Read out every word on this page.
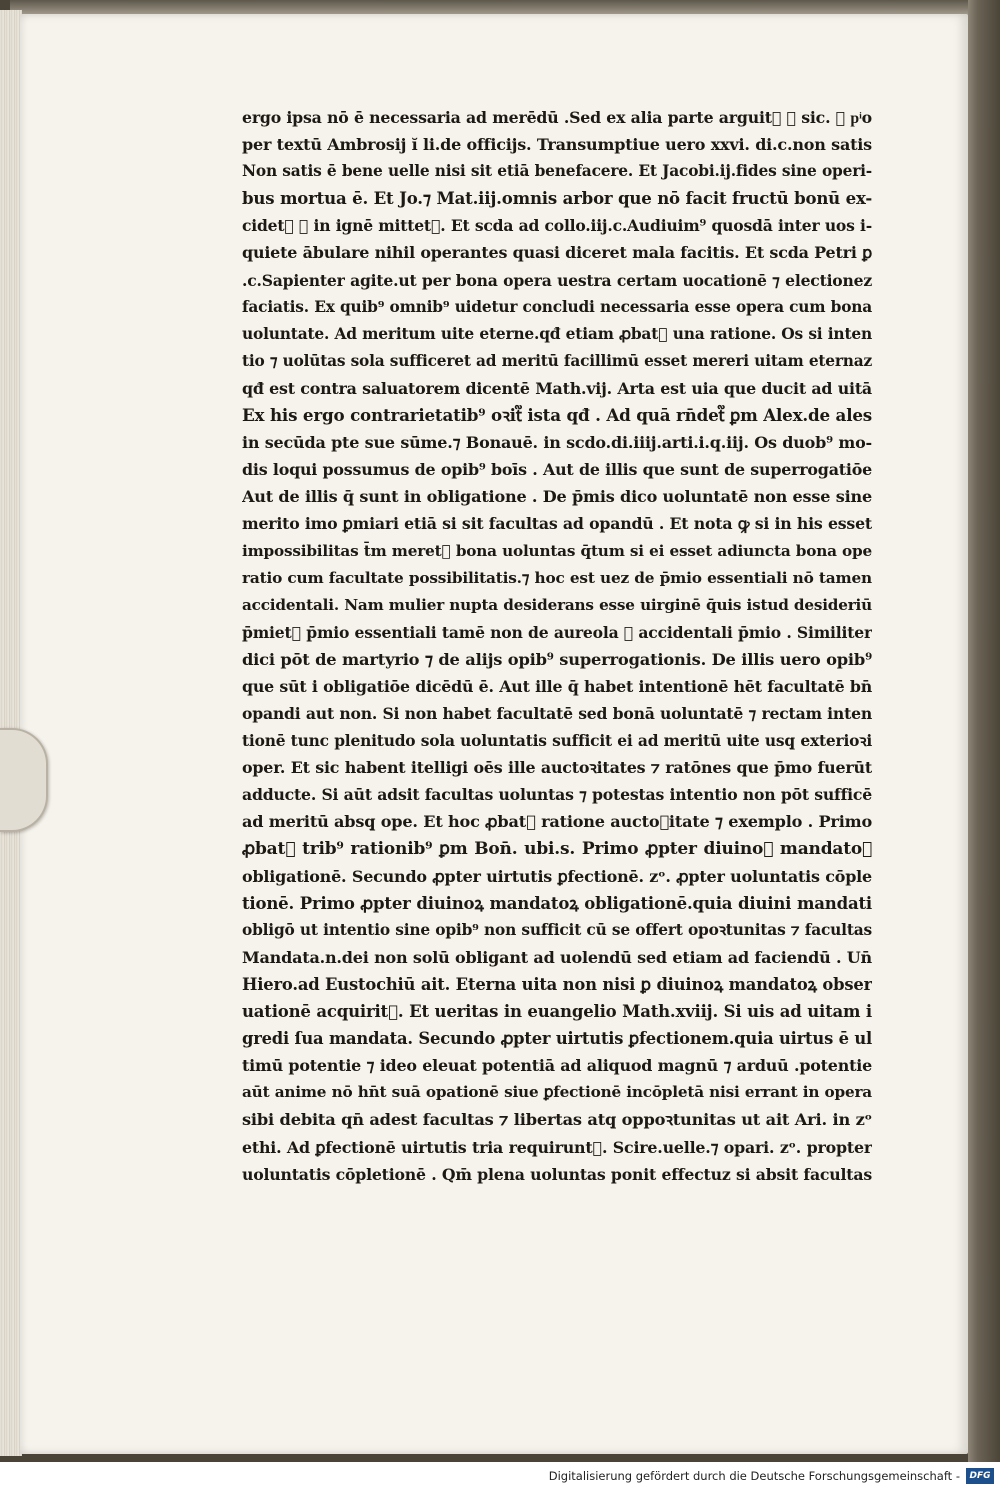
ergo ipsa nō ē necessaria ad merēdū .Sed ex alia parte arguit᷑ ꝙ sic. ⁊ pͥo
per textū Ambrosij ĭ li.de officijs. Transumptiue uero xxvi. di.c.non satis
Non satis ē bene uelle nisi sit etiā benefacere. Et Jacobi.ij.fides sine operi-
bus mortua ē. Et Jo.⁊ Mat.iij.omnis arbor que nō facit fructū bonū ex-
cidet᷑ ⁊ in ignē mittet᷑. Et scda ad collo.iij.c.Audiuim⁹ quosdā inter uos i-
quiete ābulare nihil operantes quasi diceret mala facitis. Et scda Petri ꝑ
.c.Sapienter agite.ut per bona opera uestra certam uocationē ⁊ electionez
faciatis. Ex quib⁹ omnib⁹ uidetur concludi necessaria esse opera cum bona
uoluntate. Ad meritum uite eterne.qđ etiam ꝓbat᷑ una ratione. Os si inten
tio ⁊ uolūtas sola sufficeret ad meritū facillimū esset mereri uitam eternaz
qđ est contra saluatorem dicentē Math.vij. Arta est uia que ducit ad uitā
Ex his ergo contrarietatib⁹ oꝛit᷑ ista qđ . Ad quā rn̄det᷑ ꝑm Alex.de ales
in secūda pte sue sūme.⁊ Bonauē. in scdo.di.iiij.arti.i.q.iij. Os duob⁹ mo-
dis loqui possumus de opib⁹ boīs . Aut de illis que sunt de superrogatiōe
Aut de illis q̄ sunt in obligatione . De p̄mis dico uoluntatē non esse sine
merito imo ꝑmiari etiā si sit facultas ad opandū . Et nota ꝙ si in his esset
impossibilitas t̄m meret᷑ bona uoluntas q̄tum si ei esset adiuncta bona ope
ratio cum facultate possibilitatis.⁊ hoc est uez de p̄mio essentiali nō tamen
accidentali. Nam mulier nupta desiderans esse uirginē q̄uis istud desideriū
p̄miet᷑ p̄mio essentiali tamē non de aureola ⁊ accidentali p̄mio . Similiter
dici pōt de martyrio ⁊ de alijs opib⁹ superrogationis. De illis uero opib⁹
que sūt i obligatiōe dicēdū ē. Aut ille q̄ habet intentionē hēt facultatē bn̄
opandi aut non. Si non habet facultatē sed bonā uoluntatē ⁊ rectam inten
tionē tunc plenitudo sola uoluntatis sufficit ei ad meritū uite usq̧ exterioꝛi
oper. Et sic habent itelligi oēs ille auctoꝛitates ⁊ ratōnes que p̄mo fuerūt
adducte. Si aūt adsit facultas uoluntas ⁊ potestas intentio non pōt sufficē
ad meritū absq̧ ope. Et hoc ꝓbat᷑ ratione auctoꝛitate ⁊ exemplo . Primo
ꝓbat᷑ trib⁹ rationib⁹ ꝑm Bon̄. ubi.s. Primo ꝓpter diuinoꝝ mandatoꝝ
obligationē. Secundo ꝓpter uirtutis ꝑfectionē. zᵒ. ꝓpter uoluntatis cōple
tionē. Primo ꝓpter diuinoꝝ mandatoꝝ obligationē.quia diuini mandati
obligō ut intentio sine opib⁹ non sufficit cū se offert opoꝛtunitas ⁊ facultas
Mandata.n.dei non solū obligant ad uolendū sed etiam ad faciendū . Un̄
Hiero.ad Eustochiū ait. Eterna uita non nisi ꝑ diuinoꝝ mandatoꝝ obser
uationē acquirit᷑. Et ueritas in euangelio Math.xviij. Si uis ad uitam i
gredi ſua mandata. Secundo ꝓpter uirtutis ꝑfectionem.quia uirtus ē ul
timū potentie ⁊ ideo eleuat potentiā ad aliquod magnū ⁊ arduū .potentie
aūt anime nō hn̄t suā opationē siue ꝑfectionē incōpletā nisi errant in opera
sibi debita qn̄ adest facultas ⁊ libertas atq̧ oppoꝛtunitas ut ait Ari. in zᵒ
ethi. Ad ꝑfectionē uirtutis tria requirunt᷑. Scire.uelle.⁊ opari. zᵒ. propter
uoluntatis cōpletionē . Qm̄ plena uoluntas ponit effectuz si absit facultas
Digitalisierung gefördert durch die Deutsche Forschungsgemeinschaft -	DFG
